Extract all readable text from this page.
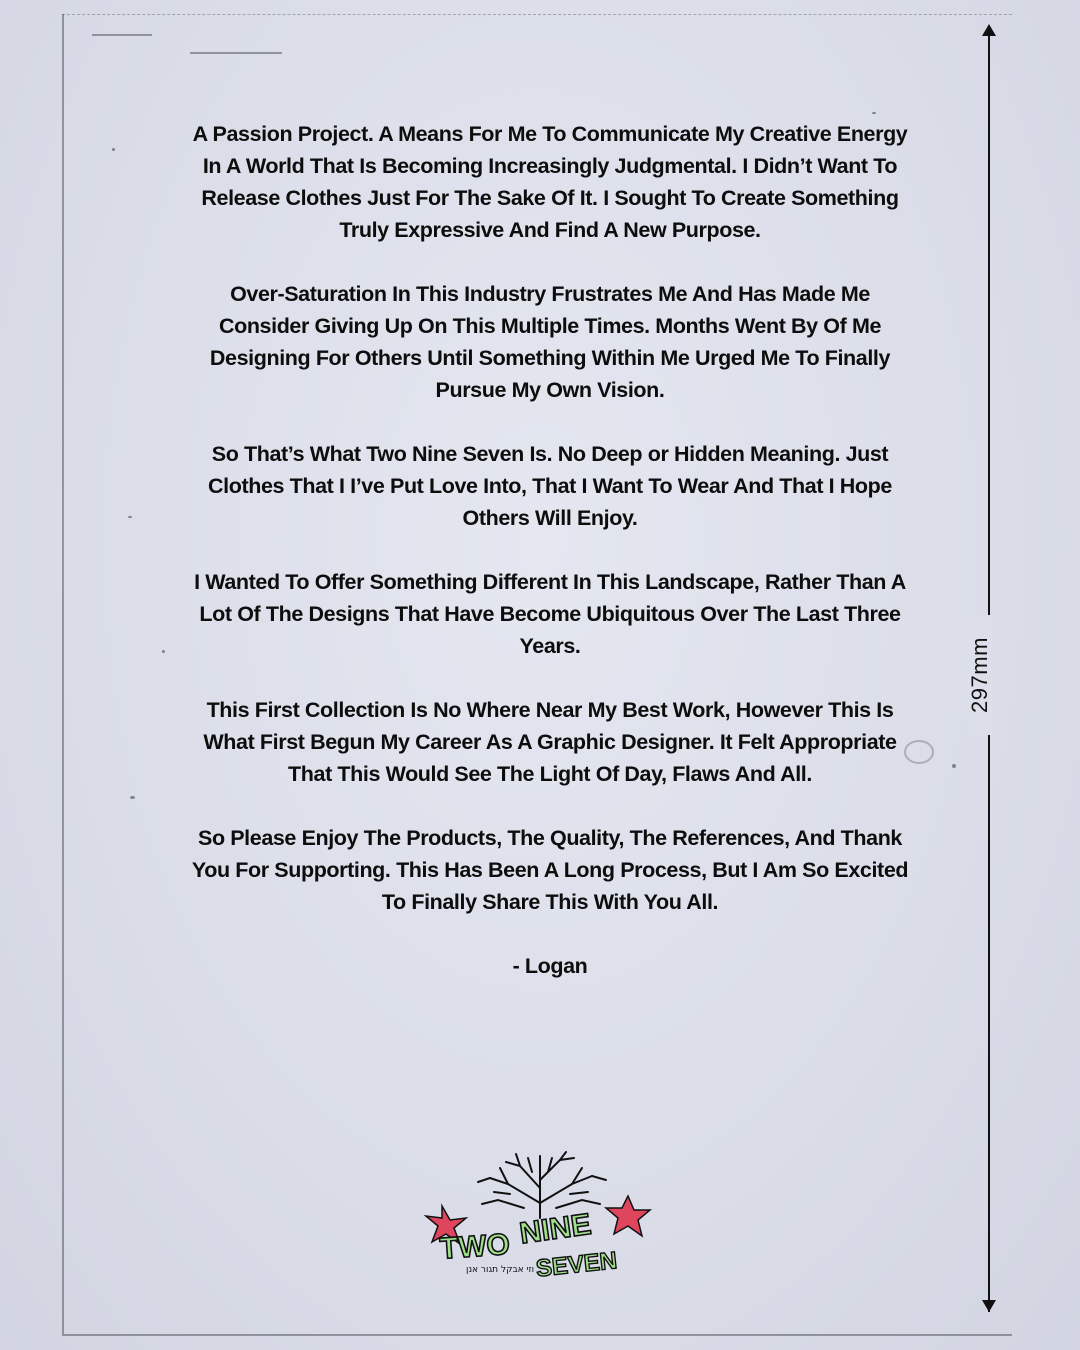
297mm

A Passion Project. A Means For Me To Communicate My Creative Energy In A World That Is Becoming Increasingly Judgmental. I Didn’t Want To Release Clothes Just For The Sake Of It. I Sought To Create Something Truly Expressive And Find A New Purpose.

Over-Saturation In This Industry Frustrates Me And Has Made Me Consider Giving Up On This Multiple Times. Months Went By Of Me Designing For Others Until Something Within Me Urged Me To Finally Pursue My Own Vision.

So That’s What Two Nine Seven Is. No Deep or Hidden Meaning. Just Clothes That I I’ve Put Love Into, That I Want To Wear And That I Hope Others Will Enjoy.

I Wanted To Offer Something Different In This Landscape, Rather Than A Lot Of The Designs That Have Become Ubiquitous Over The Last Three Years.

This First Collection Is No Where Near My Best Work, However This Is What First Begun My Career As A Graphic Designer. It Felt Appropriate That This Would See The Light Of Day, Flaws And All.

So Please Enjoy The Products, The Quality, The References, And Thank You For Supporting. This Has Been A Long Process, But I Am So Excited To Finally Share This With You All.

- Logan

TWO NINE
SEVEN
וזי אבקל תגור אנן
